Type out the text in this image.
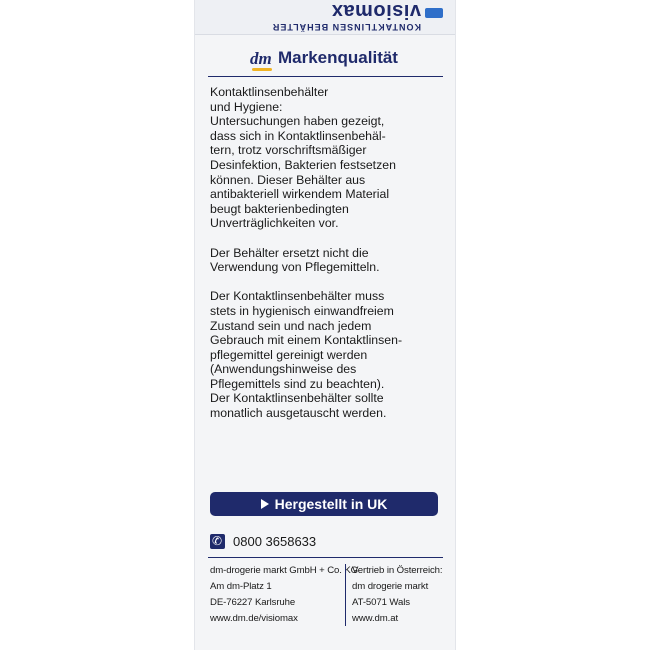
visiomax
KONTAKTLINSEN BEHÄLTER
dm Markenqualität

Kontaktlinsenbehälter
und Hygiene:
Untersuchungen haben gezeigt,
dass sich in Kontaktlinsenbehäl-
tern, trotz vorschriftsmäßiger
Desinfektion, Bakterien festsetzen
können. Dieser Behälter aus
antibakteriell wirkendem Material
beugt bakterienbedingten
Unverträglichkeiten vor.

Der Behälter ersetzt nicht die
Verwendung von Pflegemitteln.

Der Kontaktlinsenbehälter muss
stets in hygienisch einwandfreiem
Zustand sein und nach jedem
Gebrauch mit einem Kontaktlinsen-
pflegemittel gereinigt werden
(Anwendungshinweise des
Pflegemittels sind zu beachten).
Der Kontaktlinsenbehälter sollte
monatlich ausgetauscht werden.

Hergestellt in UK
✆0800 3658633
dm-drogerie markt GmbH + Co. KG
Am dm-Platz 1
DE-76227 Karlsruhe
www.dm.de/visiomax
Vertrieb in Österreich:
dm drogerie markt
AT-5071 Wals
www.dm.at
